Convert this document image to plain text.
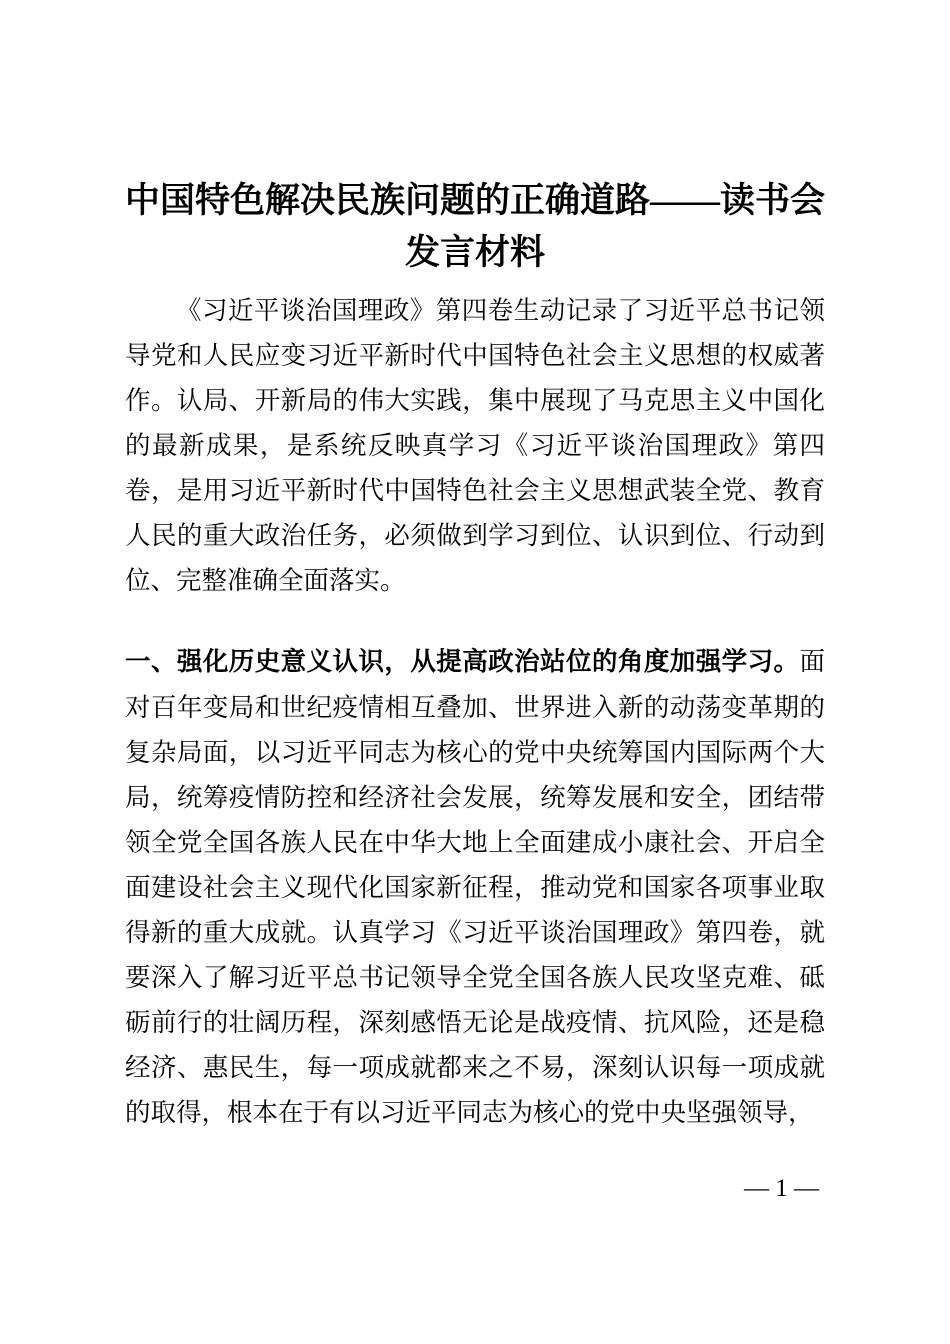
中国特色解决民族问题的正确道路——读书会
发言材料

《习近平谈治国理政》第四卷生动记录了习近平总书记领导党和人民应变习近平新时代中国特色社会主义思想的权威著作。认局、开新局的伟大实践，集中展现了马克思主义中国化的最新成果，是系统反映真学习《习近平谈治国理政》第四卷，是用习近平新时代中国特色社会主义思想武装全党、教育人民的重大政治任务，必须做到学习到位、认识到位、行动到位、完整准确全面落实。

一、强化历史意义认识，从提高政治站位的角度加强学习。面对百年变局和世纪疫情相互叠加、世界进入新的动荡变革期的复杂局面，以习近平同志为核心的党中央统筹国内国际两个大局，统筹疫情防控和经济社会发展，统筹发展和安全，团结带领全党全国各族人民在中华大地上全面建成小康社会、开启全面建设社会主义现代化国家新征程，推动党和国家各项事业取得新的重大成就。认真学习《习近平谈治国理政》第四卷，就要深入了解习近平总书记领导全党全国各族人民攻坚克难、砥砺前行的壮阔历程，深刻感悟无论是战疫情、抗风险，还是稳经济、惠民生，每一项成就都来之不易，深刻认识每一项成就的取得，根本在于有以习近平同志为核心的党中央坚强领导，

— 1 —
